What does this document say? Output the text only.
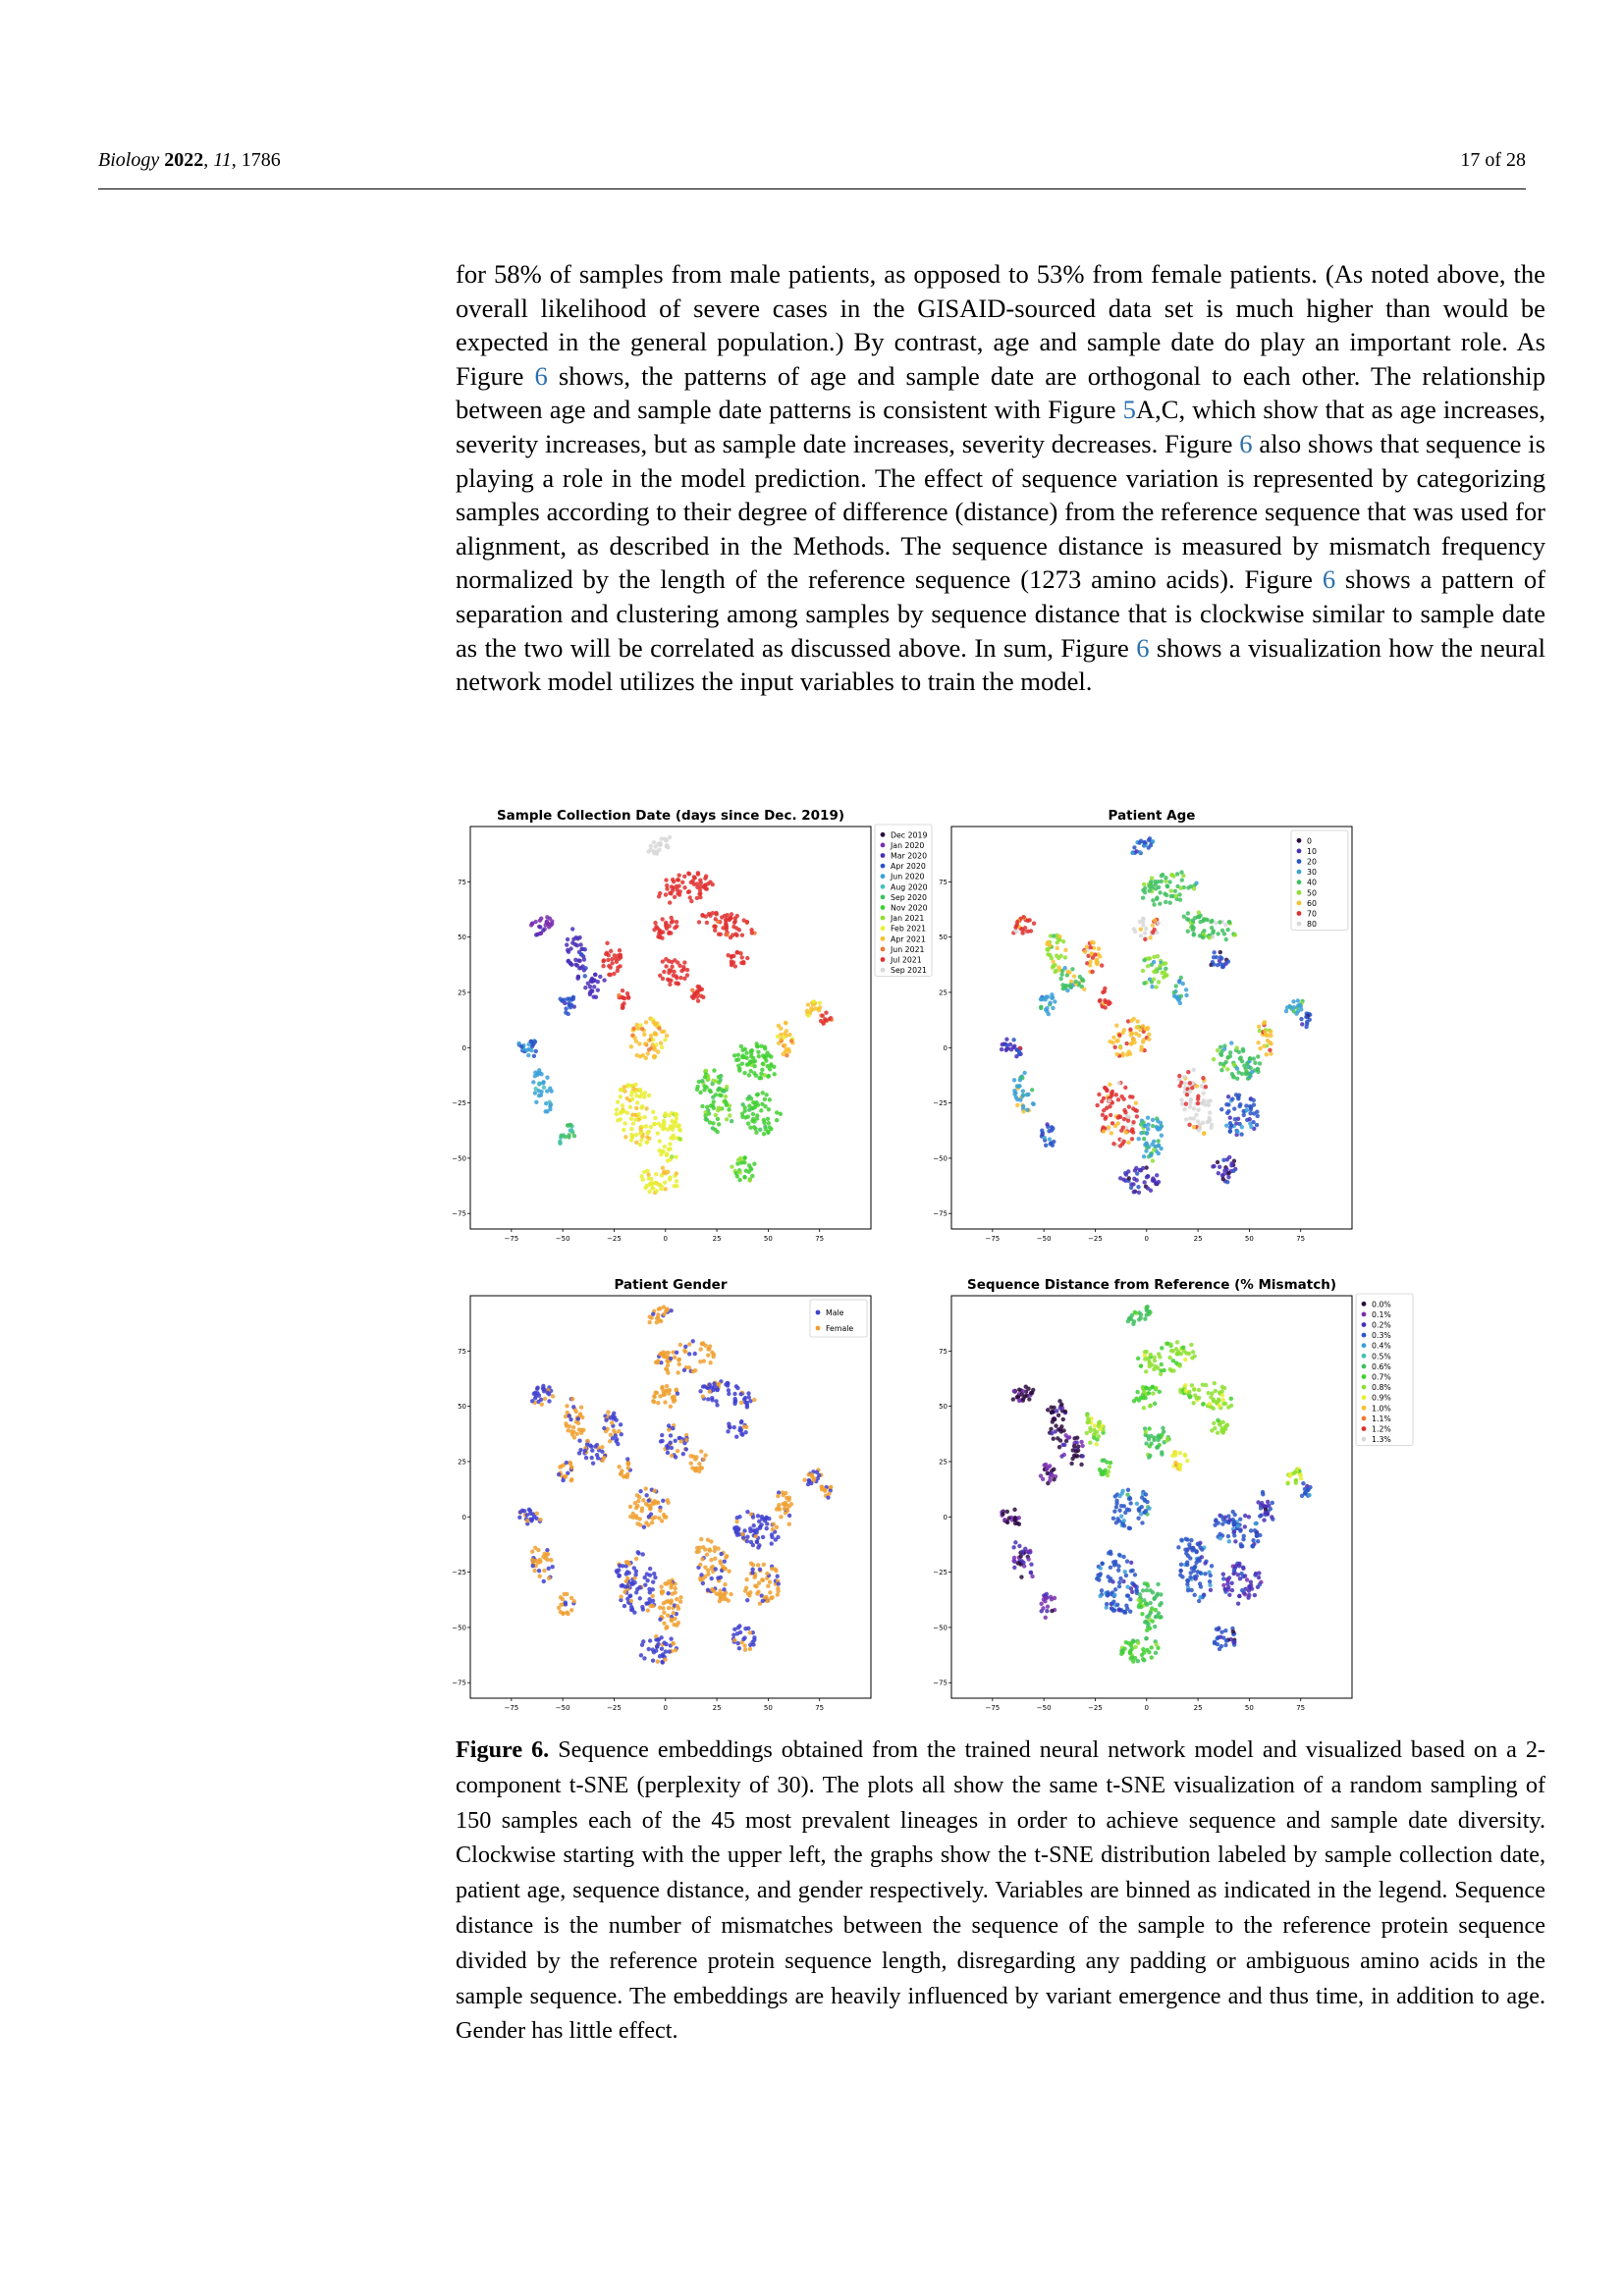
Biology 2022, 11, 1786	17 of 28
for 58% of samples from male patients, as opposed to 53% from female patients. (As noted above, the overall likelihood of severe cases in the GISAID-sourced data set is much higher than would be expected in the general population.) By contrast, age and sample date do play an important role. As Figure 6 shows, the patterns of age and sample date are orthogonal to each other. The relationship between age and sample date patterns is consistent with Figure 5A,C, which show that as age increases, severity increases, but as sample date increases, severity decreases. Figure 6 also shows that sequence is playing a role in the model prediction. The effect of sequence variation is represented by categorizing samples according to their degree of difference (distance) from the reference sequence that was used for alignment, as described in the Methods. The sequence distance is measured by mismatch frequency normalized by the length of the reference sequence (1273 amino acids). Figure 6 shows a pattern of separation and clustering among samples by sequence distance that is clockwise similar to sample date as the two will be correlated as discussed above. In sum, Figure 6 shows a visualization how the neural network model utilizes the input variables to train the model.
Sample Collection Date (days since Dec. 2019)
−75
75
−50
50
−25
25
0
0
25
−25
50
−50
75
−75
Dec 2019
Jan 2020
Mar 2020
Apr 2020
Jun 2020
Aug 2020
Sep 2020
Nov 2020
Jan 2021
Feb 2021
Apr 2021
Jun 2021
Jul 2021
Sep 2021
Patient Age
−75
75
−50
50
−25
25
0
0
25
−25
50
−50
75
−75
0
10
20
30
40
50
60
70
80
Patient Gender
−75
75
−50
50
−25
25
0
0
25
−25
50
−50
75
−75
Male
Female
Sequence Distance from Reference (% Mismatch)
−75
75
−50
50
−25
25
0
0
25
−25
50
−50
75
−75
0.0%
0.1%
0.2%
0.3%
0.4%
0.5%
0.6%
0.7%
0.8%
0.9%
1.0%
1.1%
1.2%
1.3%
Figure 6. Sequence embeddings obtained from the trained neural network model and visualized based on a 2-component t-SNE (perplexity of 30). The plots all show the same t-SNE visualization of a random sampling of 150 samples each of the 45 most prevalent lineages in order to achieve sequence and sample date diversity. Clockwise starting with the upper left, the graphs show the t-SNE distribution labeled by sample collection date, patient age, sequence distance, and gender respectively. Variables are binned as indicated in the legend. Sequence distance is the number of mismatches between the sequence of the sample to the reference protein sequence divided by the reference protein sequence length, disregarding any padding or ambiguous amino acids in the sample sequence. The embeddings are heavily influenced by variant emergence and thus time, in addition to age. Gender has little effect.
